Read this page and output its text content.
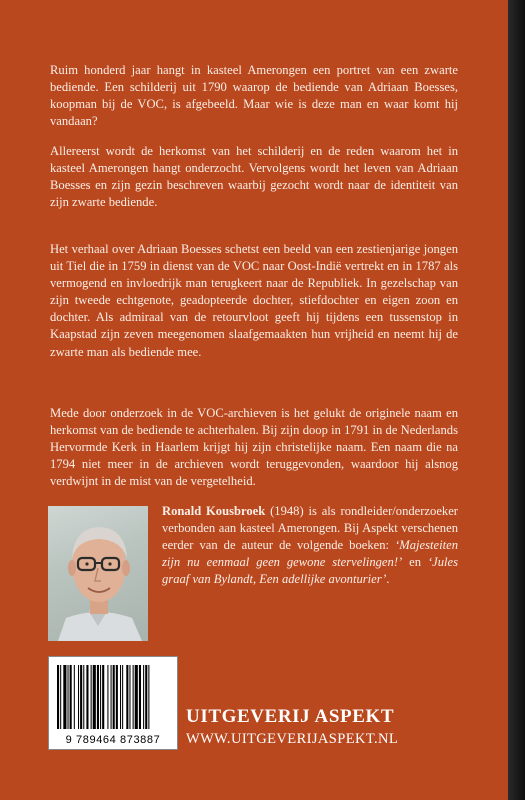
Ruim honderd jaar hangt in kasteel Amerongen een portret van een zwarte bediende. Een schilderij uit 1790 waarop de bediende van Adriaan Boesses, koopman bij de VOC, is afgebeeld. Maar wie is deze man en waar komt hij vandaan?

Allereerst wordt de herkomst van het schilderij en de reden waarom het in kasteel Amerongen hangt onderzocht. Vervolgens wordt het leven van Adriaan Boesses en zijn gezin beschreven waarbij gezocht wordt naar de identiteit van zijn zwarte bediende.

Het verhaal over Adriaan Boesses schetst een beeld van een zestienjarige jongen uit Tiel die in 1759 in dienst van de VOC naar Oost-Indië vertrekt en in 1787 als vermogend en invloedrijk man terugkeert naar de Republiek. In gezelschap van zijn tweede echtgenote, geadopteerde dochter, stiefdochter en eigen zoon en dochter. Als admiraal van de retourvloot geeft hij tijdens een tussenstop in Kaapstad zijn zeven meegenomen slaafgemaakten hun vrijheid en neemt hij de zwarte man als bediende mee.

Mede door onderzoek in de VOC-archieven is het gelukt de originele naam en herkomst van de bediende te achterhalen. Bij zijn doop in 1791 in de Nederlands Hervormde Kerk in Haarlem krijgt hij zijn christelijke naam. Een naam die na 1794 niet meer in de archieven wordt teruggevonden, waardoor hij alsnog verdwijnt in de mist van de vergetelheid.

Ronald Kousbroek (1948) is als rondleider/onderzoeker verbonden aan kasteel Amerongen. Bij Aspekt verschenen eerder van de auteur de volgende boeken: ‘Majesteiten zijn nu eenmaal geen gewone stervelingen!’ en ‘Jules graaf van Bylandt, Een adellijke avonturier’.

9 789464 873887

UITGEVERIJ ASPEKT

WWW.UITGEVERIJASPEKT.NL
